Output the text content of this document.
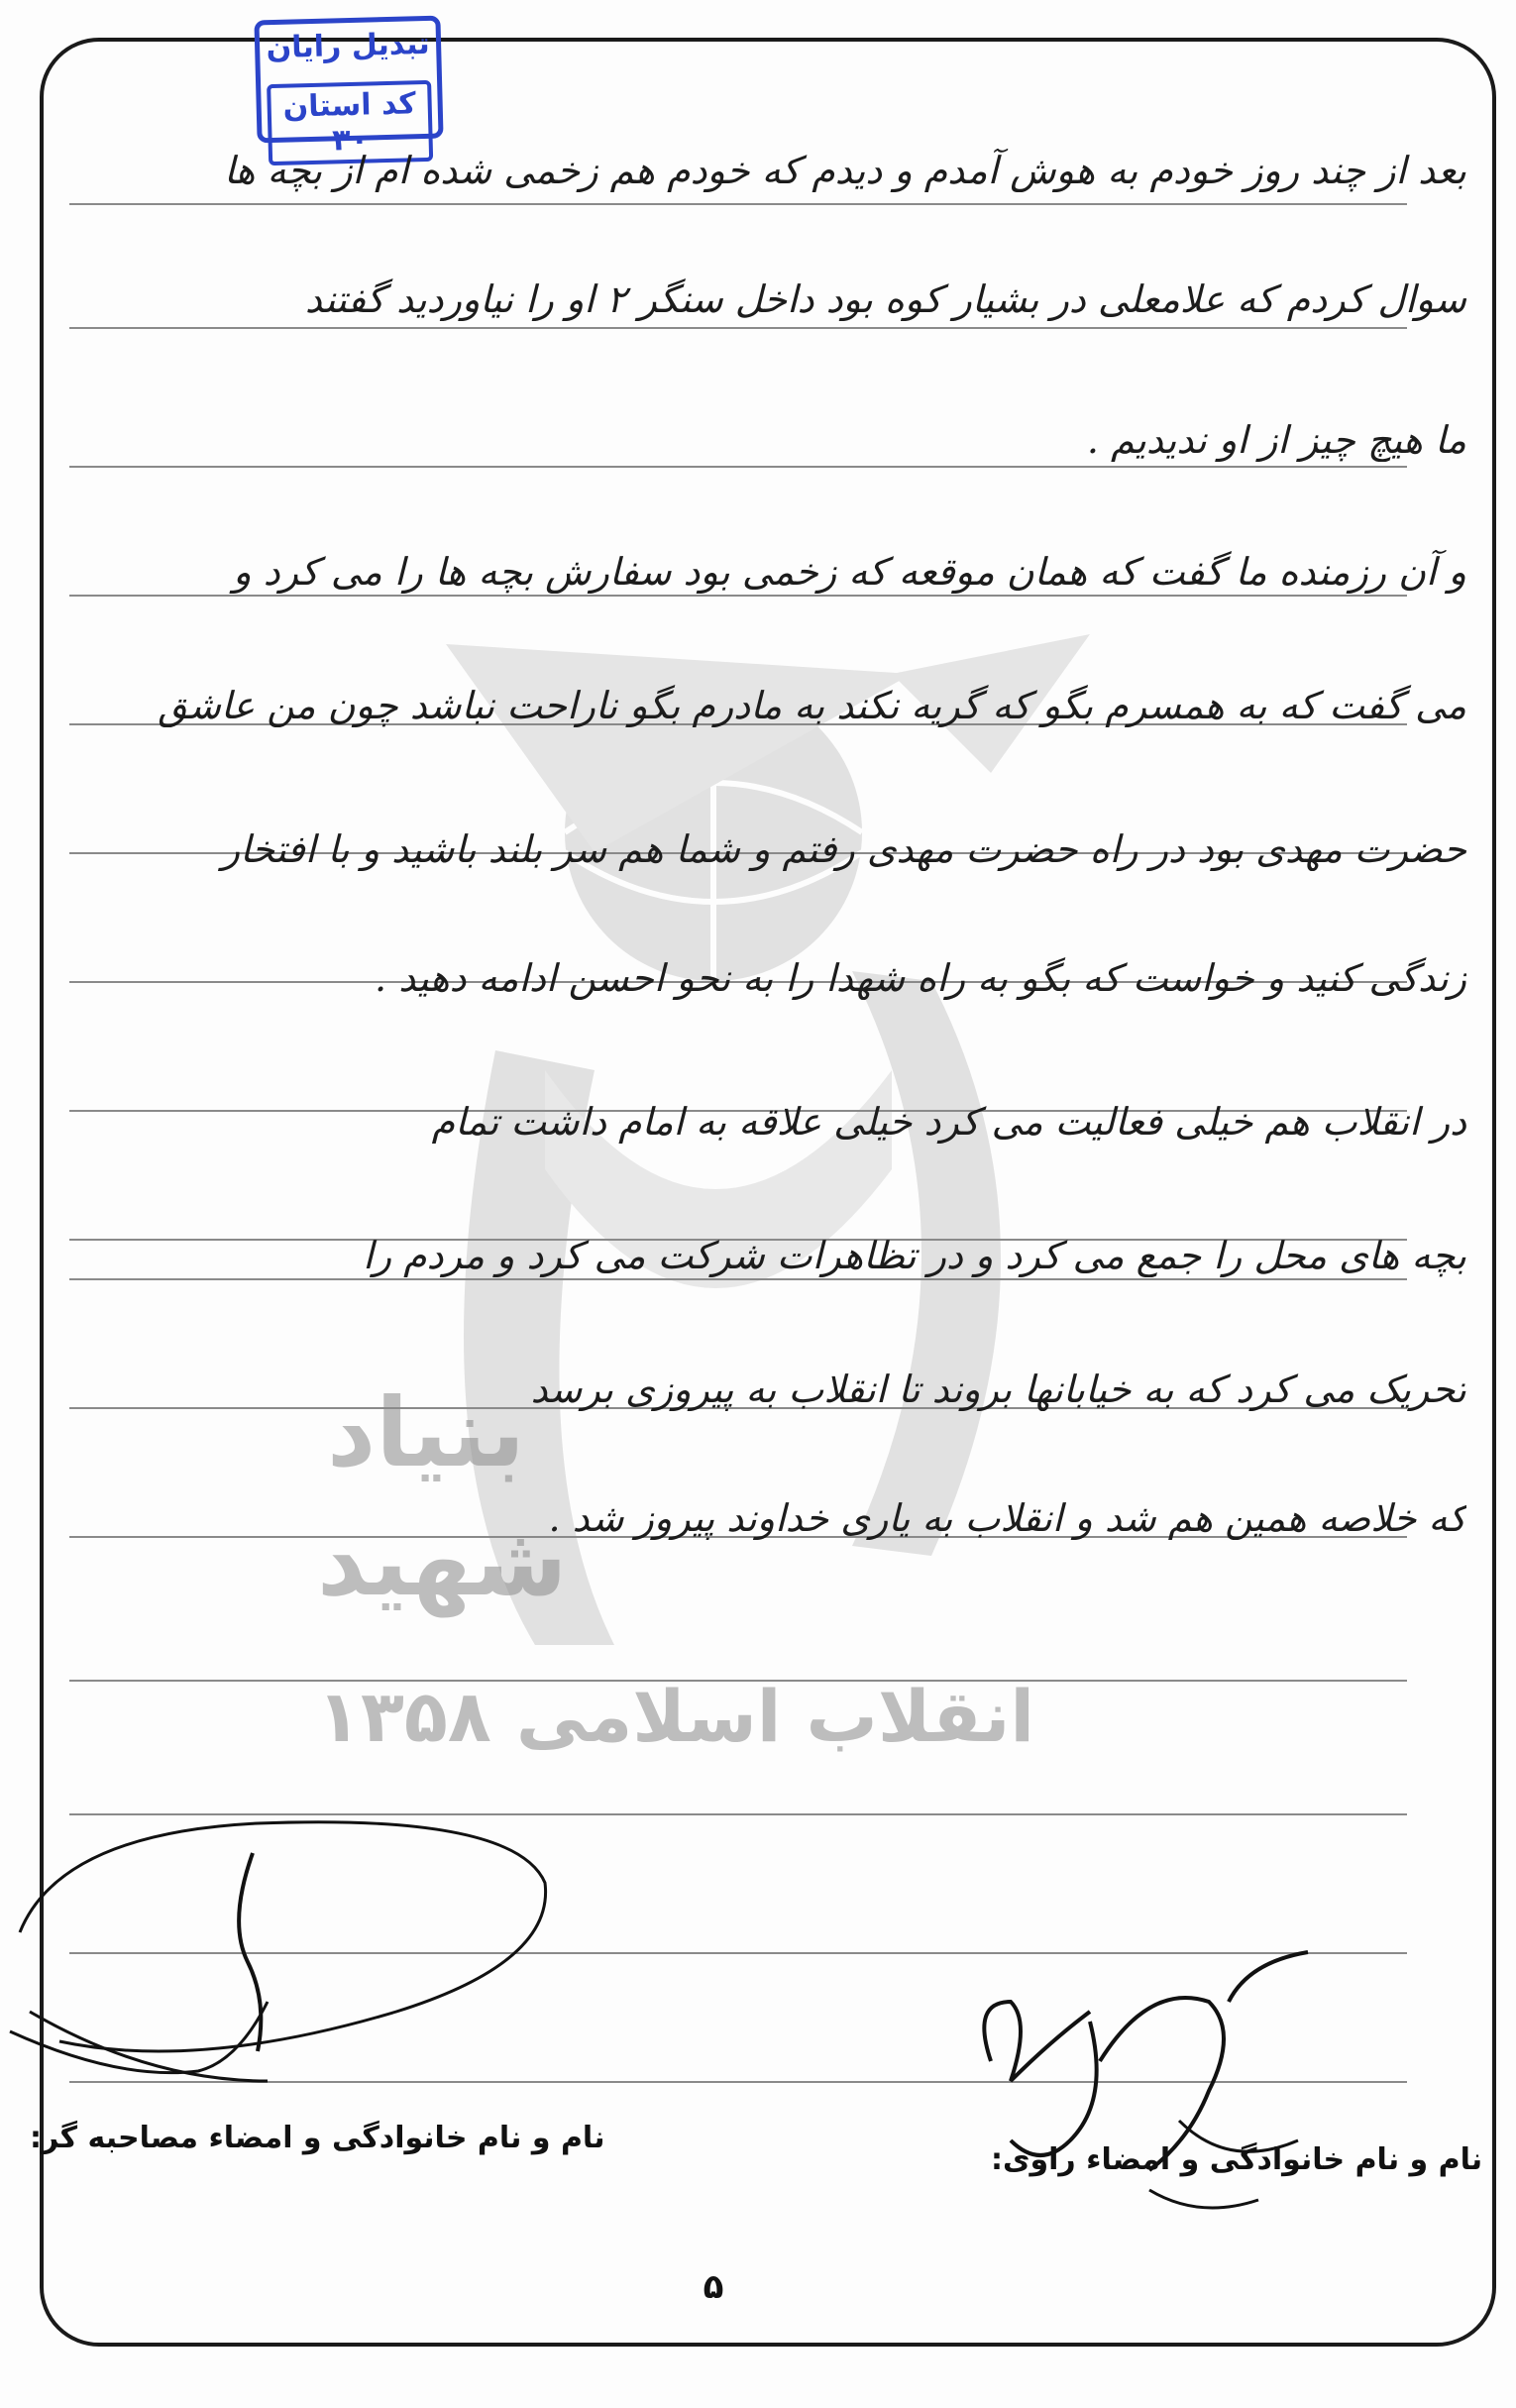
بنیاد
شهید
انقلاب اسلامی ۱۳۵۸
تبدیل رایان
کد استان ۳۰
بعد از چند روز خودم به هوش آمدم و دیدم که خودم هم زخمی شده ام از بچه ها
سوال کردم که علامعلی در بشیار کوه بود داخل سنگر ۲ او را نیاوردید گفتند
ما هیچ چیز از او ندیدیم .
و آن رزمنده ما گفت که همان موقعه که زخمی بود سفارش بچه ها را می کرد و
می گفت که به همسرم بگو که گریه نکند به مادرم بگو ناراحت نباشد چون من عاشق
حضرت مهدی بود در راه حضرت مهدی رفتم و شما هم سر بلند باشید و با افتخار
زندگی کنید و خواست که بگو به راه شهدا را به نحو احسن ادامه دهید .
در انقلاب هم خیلی فعالیت می کرد خیلی علاقه به امام داشت تمام
بچه های محل را جمع می کرد و در تظاهرات شرکت می کرد و مردم را
تحریک می کرد که به خیابانها بروند تا انقلاب به پیروزی برسد
که خلاصه همین هم شد و انقلاب به یاری خداوند پیروز شد .
نام و نام خانوادگی و امضاء مصاحبه گر:
نام و نام خانوادگی و امضاء راوی:
۵
